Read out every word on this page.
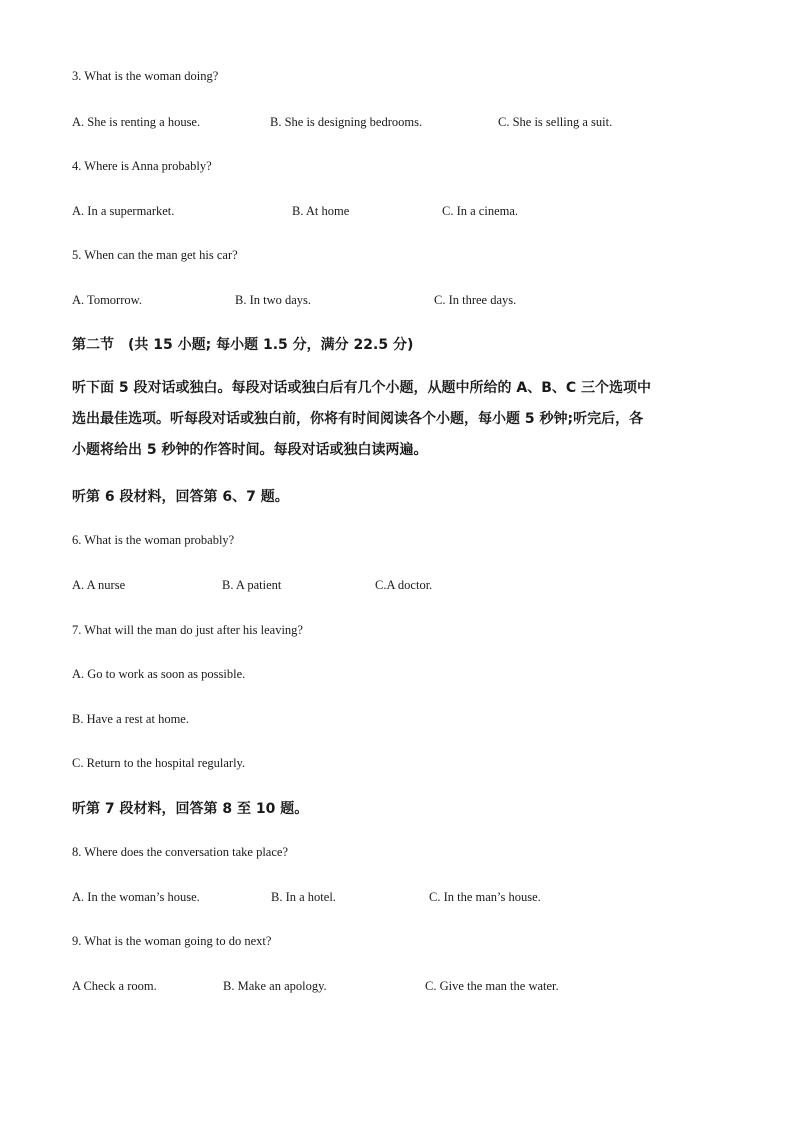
3. What is the woman doing?
A. She is renting a house.	B. She is designing bedrooms.	C. She is selling a suit.
4. Where is Anna probably?
A. In a supermarket.	B. At home	C. In a cinema.
5. When can the man get his car?
A. Tomorrow.	B. In two days.	C. In three days.
第二节　(共 15 小题; 每小题 1.5 分，满分 22.5 分)
听下面 5 段对话或独白。每段对话或独白后有几个小题，从题中所给的 A、B、C 三个选项中
选出最佳选项。听每段对话或独白前，你将有时间阅读各个小题，每小题 5 秒钟;听完后，各
小题将给出 5 秒钟的作答时间。每段对话或独白读两遍。
听第 6 段材料，回答第 6、7 题。
6. What is the woman probably?
A. A nurse	B. A patient	C.A doctor.
7. What will the man do just after his leaving?
A. Go to work as soon as possible.
B. Have a rest at home.
C. Return to the hospital regularly.
听第 7 段材料，回答第 8 至 10 题。
8. Where does the conversation take place?
A. In the woman’s house.	B. In a hotel.	C. In the man’s house.
9. What is the woman going to do next?
A Check a room.	B. Make an apology.	C. Give the man the water.
